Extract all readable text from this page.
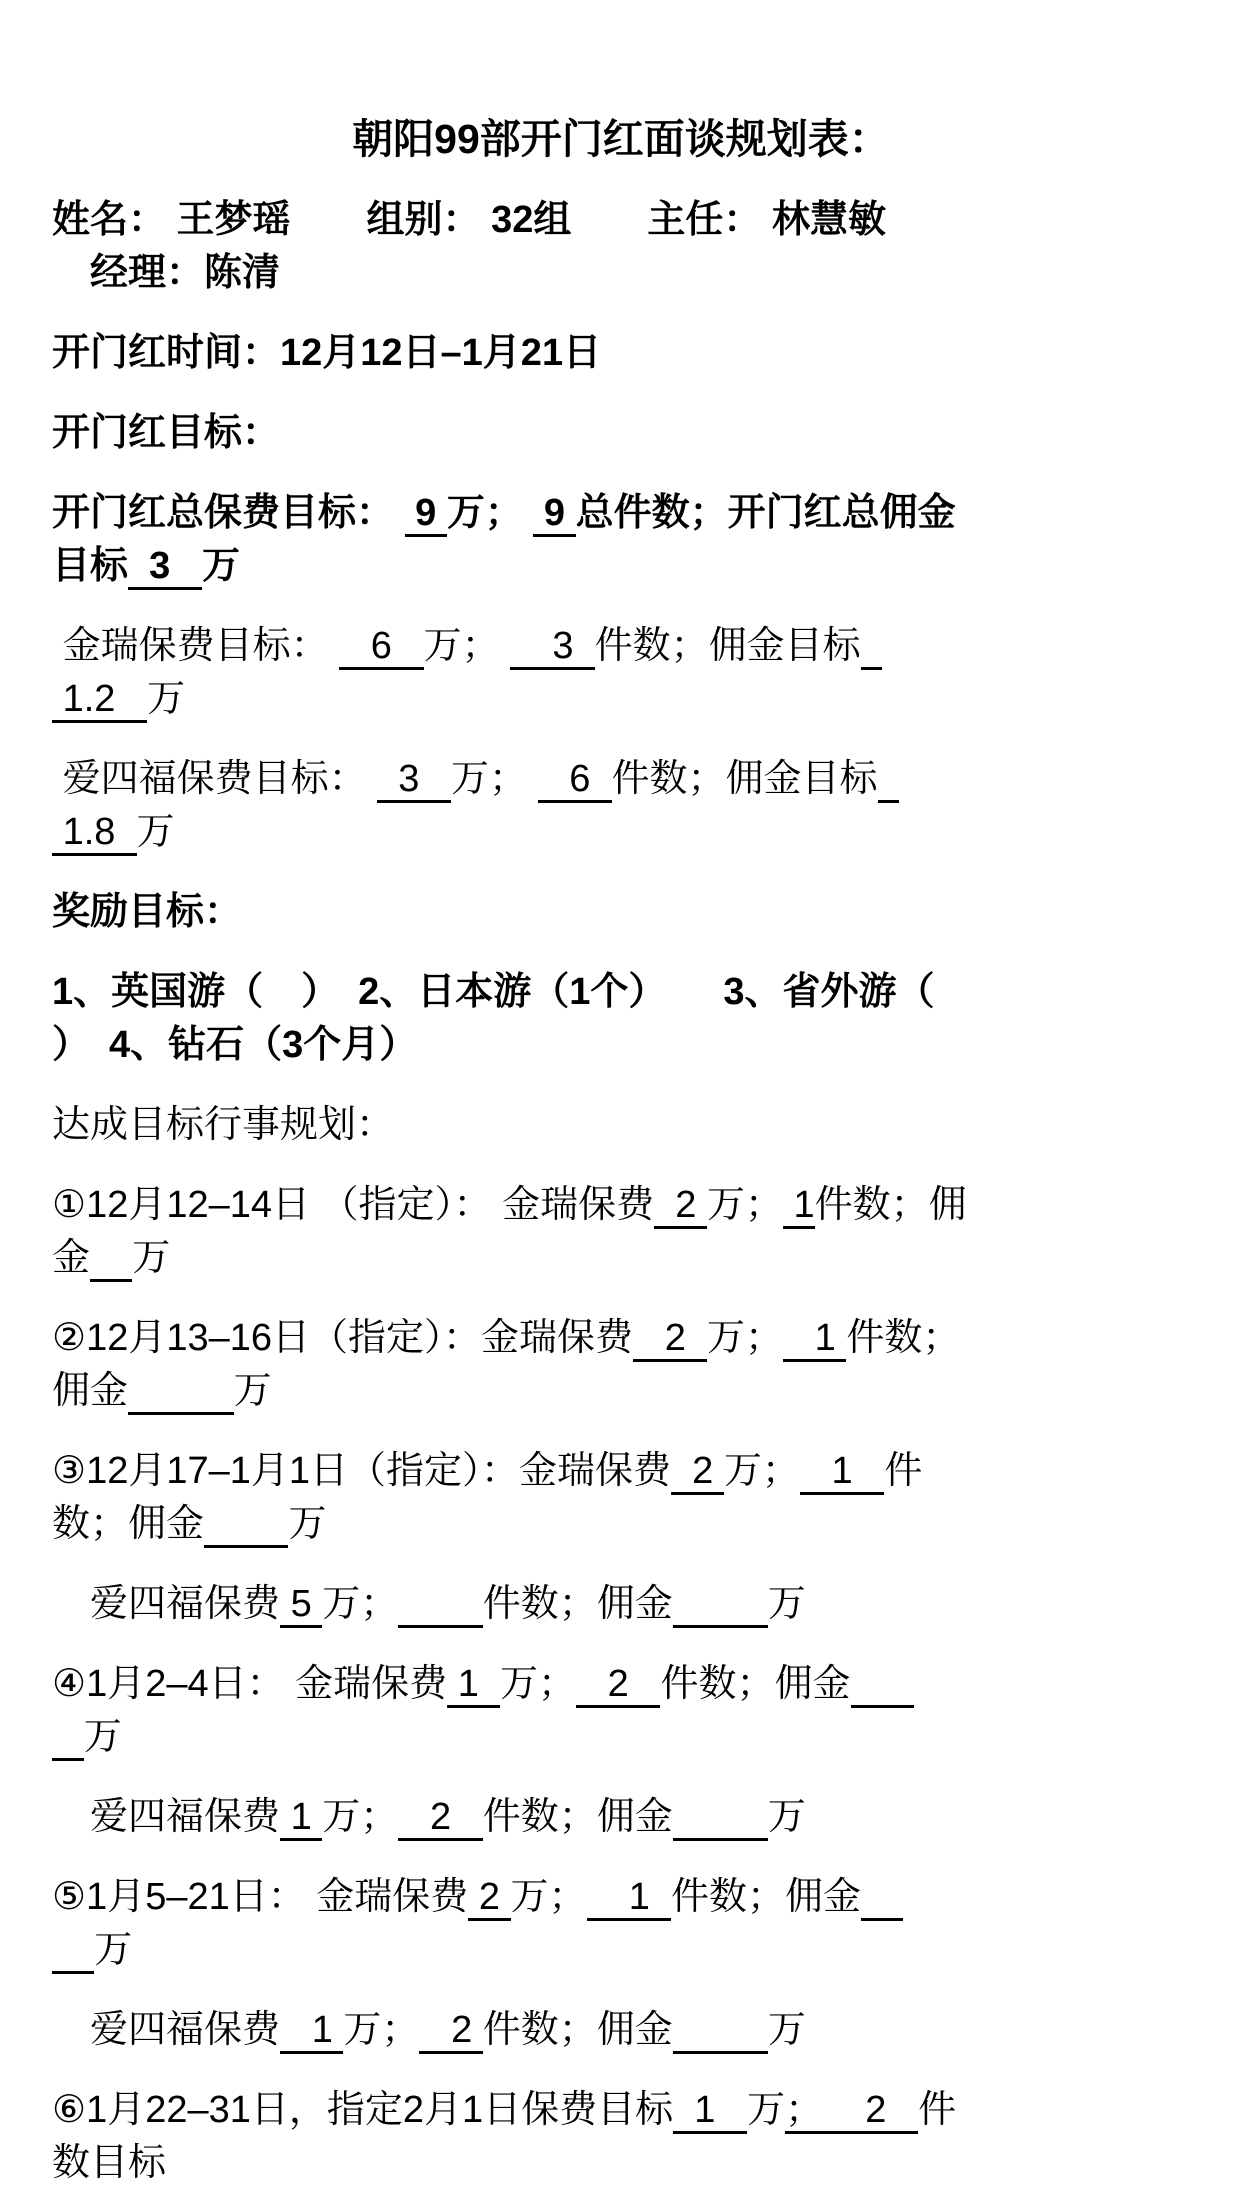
朝阳99部开门红面谈规划表：
姓名： 王梦瑶　　组别： 32组　　主任： 林慧敏
　经理：陈清
开门红时间：12月12日–1月21日
开门红目标：
开门红总保费目标：  9 万；  9 总件数；开门红总佣金
目标  3   万
金瑞保费目标：    6   万；     3  件数；佣金目标
1.2   万
爱四福保费目标：   3   万；    6  件数；佣金目标
1.8  万
奖励目标：
1、英国游（　）　2、日本游（1个）　　3、省外游（
）　4、钻石（3个月）
达成目标行事规划：
①12月12–14日 （指定）： 金瑞保费  2 万； 1件数；佣
金 万
②12月13–16日（指定）：金瑞保费   2  万；   1 件数；
佣金	万
③12月17–1月1日（指定）：金瑞保费  2 万；   1   件
数；佣金 万
　爱四福保费 5 万； 件数；佣金	万
④1月2–4日： 金瑞保费 1  万；   2   件数；佣金
万
　爱四福保费 1 万；   2   件数；佣金	万
⑤1月5–21日： 金瑞保费 2 万；    1  件数；佣金
万
　爱四福保费   1 万；   2 件数；佣金	万
⑥1月22–31日，指定2月1日保费目标  1   万；    2   件
数目标
